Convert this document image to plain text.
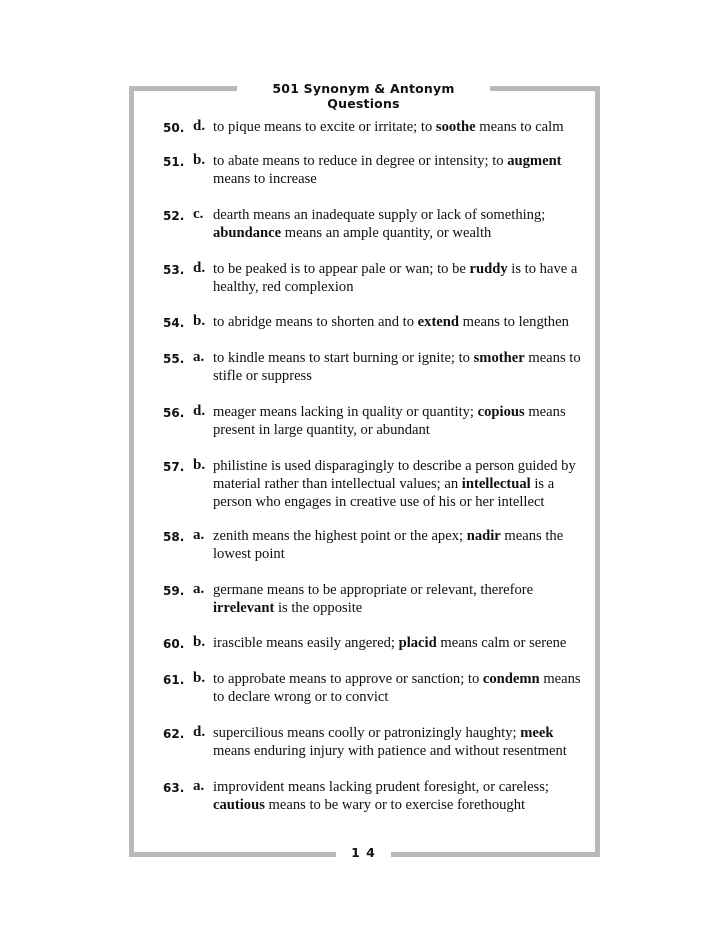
501 Synonym & Antonym Questions
50. d. to pique means to excite or irritate; to soothe means to calm
51. b. to abate means to reduce in degree or intensity; to augment means to increase
52. c. dearth means an inadequate supply or lack of something; abundance means an ample quantity, or wealth
53. d. to be peaked is to appear pale or wan; to be ruddy is to have a healthy, red complexion
54. b. to abridge means to shorten and to extend means to lengthen
55. a. to kindle means to start burning or ignite; to smother means to stifle or suppress
56. d. meager means lacking in quality or quantity; copious means present in large quantity, or abundant
57. b. philistine is used disparagingly to describe a person guided by material rather than intellectual values; an intellectual is a person who engages in creative use of his or her intellect
58. a. zenith means the highest point or the apex; nadir means the lowest point
59. a. germane means to be appropriate or relevant, therefore irrelevant is the opposite
60. b. irascible means easily angered; placid means calm or serene
61. b. to approbate means to approve or sanction; to condemn means to declare wrong or to convict
62. d. supercilious means coolly or patronizingly haughty; meek means enduring injury with patience and without resentment
63. a. improvident means lacking prudent foresight, or careless; cautious means to be wary or to exercise forethought
1 4
